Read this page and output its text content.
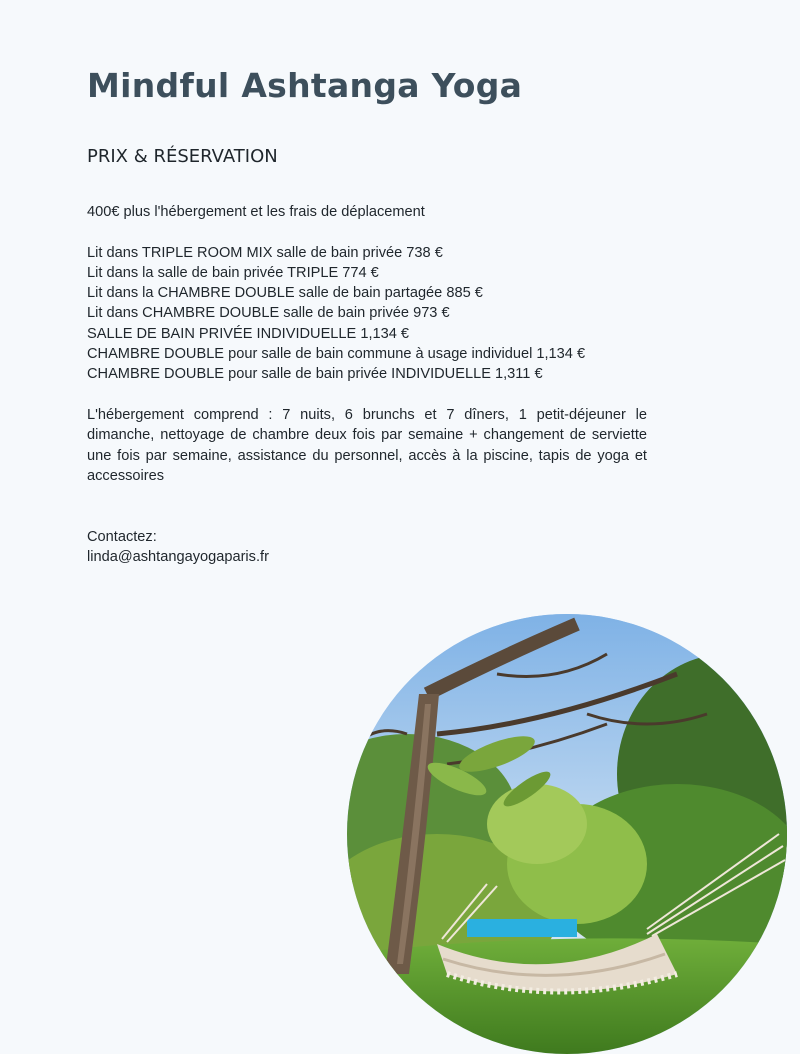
Mindful Ashtanga Yoga
PRIX & RÉSERVATION

400€ plus l'hébergement et les frais de déplacement

Lit dans TRIPLE ROOM MIX salle de bain privée 738 €
Lit dans la salle de bain privée TRIPLE 774 €
Lit dans la CHAMBRE DOUBLE salle de bain partagée 885 €
Lit dans CHAMBRE DOUBLE salle de bain privée 973 €
SALLE DE BAIN PRIVÉE INDIVIDUELLE 1,134 €
CHAMBRE DOUBLE pour salle de bain commune à usage individuel 1,134 €
CHAMBRE DOUBLE pour salle de bain privée INDIVIDUELLE 1,311 €

L'hébergement comprend : 7 nuits, 6 brunchs et 7 dîners, 1 petit-déjeuner le dimanche, nettoyage de chambre deux fois par semaine + changement de serviette une fois par semaine, assistance du personnel, accès à la piscine, tapis de yoga et accessoires

Contactez:
linda@ashtangayogaparis.fr
